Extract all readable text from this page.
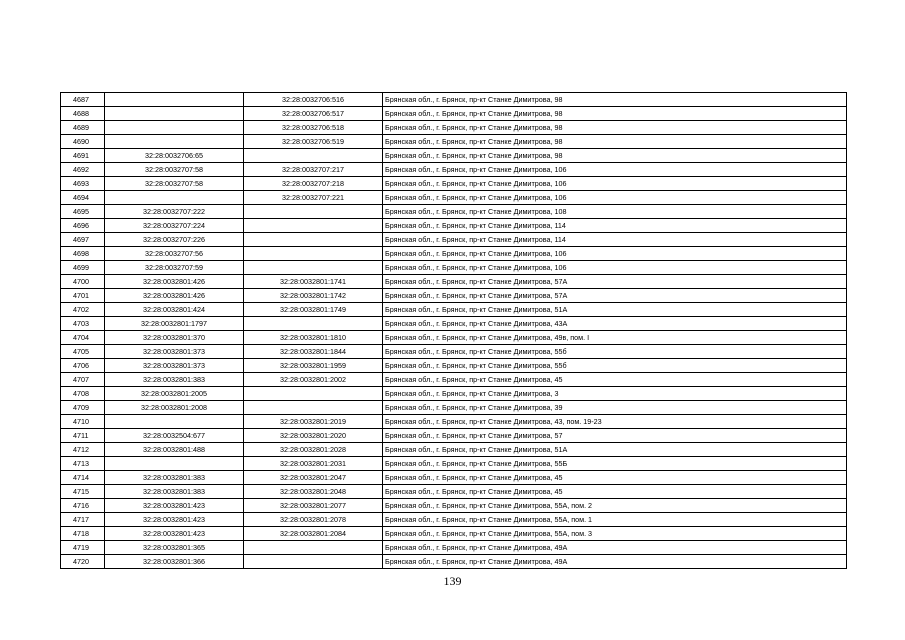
4687		32:28:0032706:516	Брянская обл., г. Брянск, пр-кт Станке Димитрова, 98
4688		32:28:0032706:517	Брянская обл., г. Брянск, пр-кт Станке Димитрова, 98
4689		32:28:0032706:518	Брянская обл., г. Брянск, пр-кт Станке Димитрова, 98
4690		32:28:0032706:519	Брянская обл., г. Брянск, пр-кт Станке Димитрова, 98
4691	32:28:0032706:65		Брянская обл., г. Брянск, пр-кт Станке Димитрова, 98
4692	32:28:0032707:58	32:28:0032707:217	Брянская обл., г. Брянск, пр-кт Станке Димитрова, 106
4693	32:28:0032707:58	32:28:0032707:218	Брянская обл., г. Брянск, пр-кт Станке Димитрова, 106
4694		32:28:0032707:221	Брянская обл., г. Брянск, пр-кт Станке Димитрова, 106
4695	32:28:0032707:222		Брянская обл., г. Брянск, пр-кт Станке Димитрова, 108
4696	32:28:0032707:224		Брянская обл., г. Брянск, пр-кт Станке Димитрова, 114
4697	32:28:0032707:226		Брянская обл., г. Брянск, пр-кт Станке Димитрова, 114
4698	32:28:0032707:56		Брянская обл., г. Брянск, пр-кт Станке Димитрова, 106
4699	32:28:0032707:59		Брянская обл., г. Брянск, пр-кт Станке Димитрова, 106
4700	32:28:0032801:426	32:28:0032801:1741	Брянская обл., г. Брянск, пр-кт Станке Димитрова, 57А
4701	32:28:0032801:426	32:28:0032801:1742	Брянская обл., г. Брянск, пр-кт Станке Димитрова, 57А
4702	32:28:0032801:424	32:28:0032801:1749	Брянская обл., г. Брянск, пр-кт Станке Димитрова, 51А
4703	32:28:0032801:1797		Брянская обл., г. Брянск, пр-кт Станке Димитрова, 43А
4704	32:28:0032801:370	32:28:0032801:1810	Брянская обл., г. Брянск, пр-кт Станке Димитрова, 49в, пом. I
4705	32:28:0032801:373	32:28:0032801:1844	Брянская обл., г. Брянск, пр-кт Станке Димитрова, 55б
4706	32:28:0032801:373	32:28:0032801:1959	Брянская обл., г. Брянск, пр-кт Станке Димитрова, 55б
4707	32:28:0032801:383	32:28:0032801:2002	Брянская обл., г. Брянск, пр-кт Станке Димитрова, 45
4708	32:28:0032801:2005		Брянская обл., г. Брянск, пр-кт Станке Димитрова, 3
4709	32:28:0032801:2008		Брянская обл., г. Брянск, пр-кт Станке Димитрова, 39
4710		32:28:0032801:2019	Брянская обл., г. Брянск, пр-кт Станке Димитрова, 43, пом. 19-23
4711	32:28:0032504:677	32:28:0032801:2020	Брянская обл., г. Брянск, пр-кт Станке Димитрова, 57
4712	32:28:0032801:488	32:28:0032801:2028	Брянская обл., г. Брянск, пр-кт Станке Димитрова, 51А
4713		32:28:0032801:2031	Брянская обл., г. Брянск, пр-кт Станке Димитрова, 55Б
4714	32:28:0032801:383	32:28:0032801:2047	Брянская обл., г. Брянск, пр-кт Станке Димитрова, 45
4715	32:28:0032801:383	32:28:0032801:2048	Брянская обл., г. Брянск, пр-кт Станке Димитрова, 45
4716	32:28:0032801:423	32:28:0032801:2077	Брянская обл., г. Брянск, пр-кт Станке Димитрова, 55А, пом. 2
4717	32:28:0032801:423	32:28:0032801:2078	Брянская обл., г. Брянск, пр-кт Станке Димитрова, 55А, пом. 1
4718	32:28:0032801:423	32:28:0032801:2084	Брянская обл., г. Брянск, пр-кт Станке Димитрова, 55А, пом. 3
4719	32:28:0032801:365		Брянская обл., г. Брянск, пр-кт Станке Димитрова, 49А
4720	32:28:0032801:366		Брянская обл., г. Брянск, пр-кт Станке Димитрова, 49А
139
